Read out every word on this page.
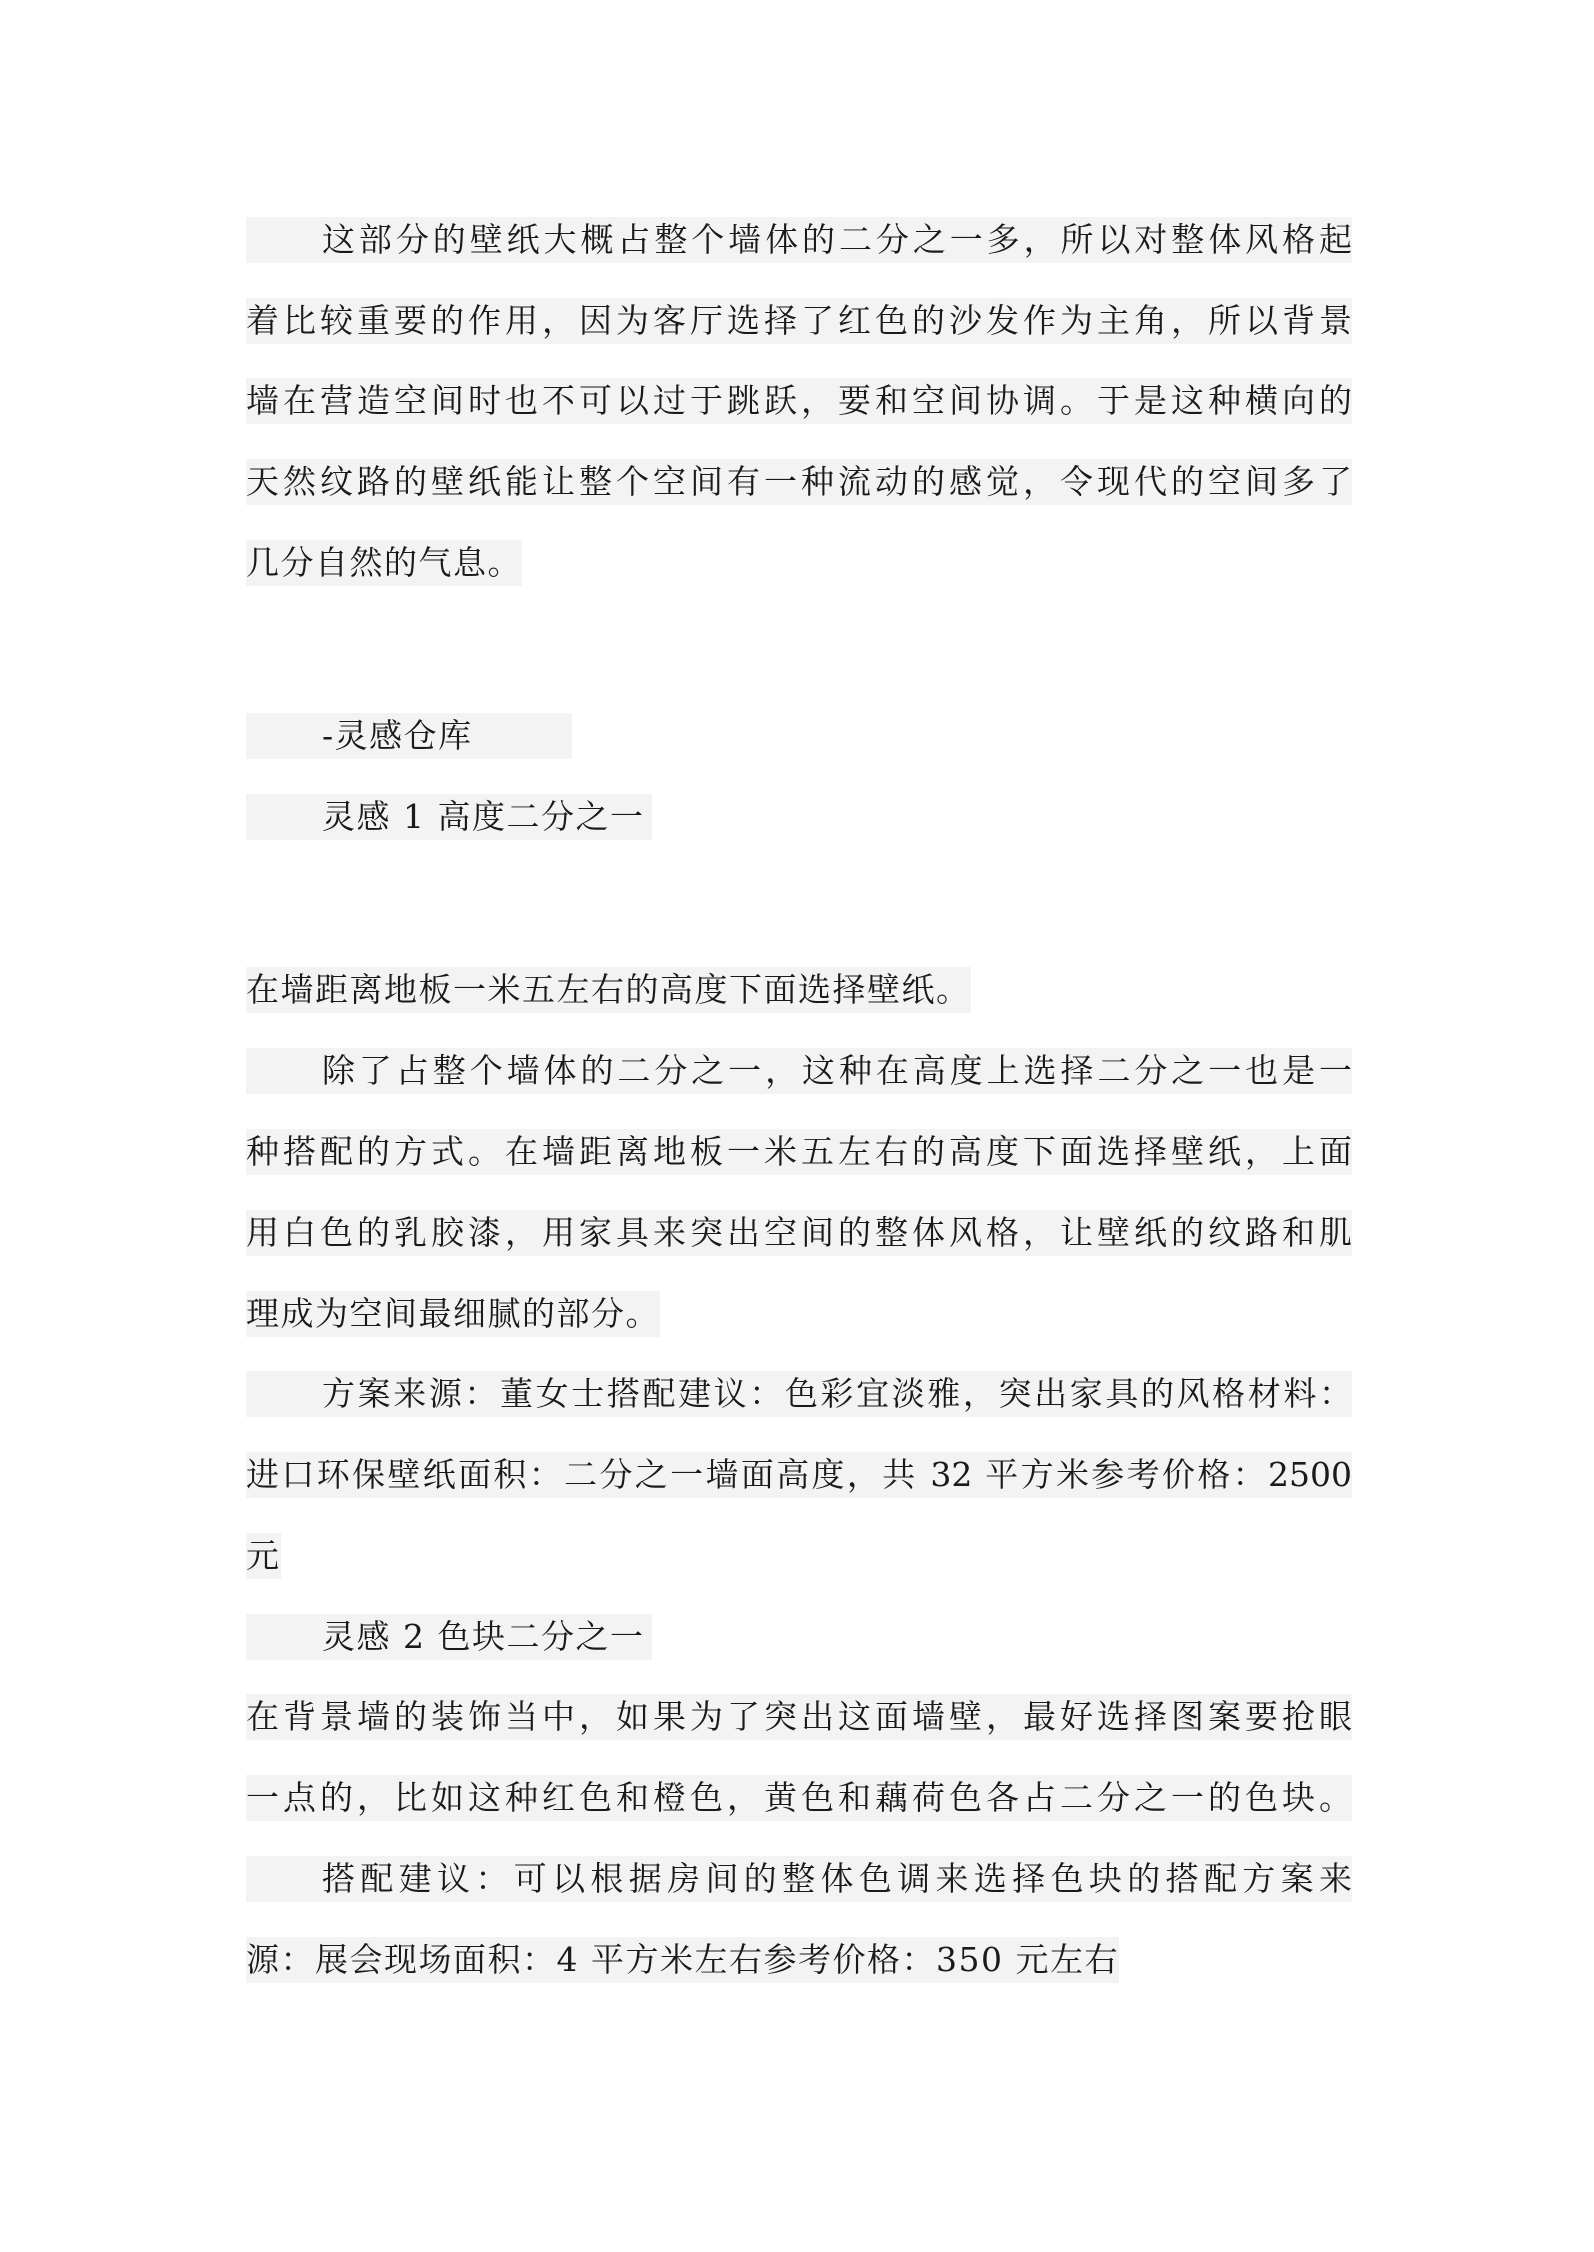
这部分的壁纸大概占整个墙体的二分之一多，所以对整体风格起
着比较重要的作用，因为客厅选择了红色的沙发作为主角，所以背景
墙在营造空间时也不可以过于跳跃，要和空间协调。于是这种横向的
天然纹路的壁纸能让整个空间有一种流动的感觉，令现代的空间多了
几分自然的气息。
-灵感仓库
灵感 1 高度二分之一
在墙距离地板一米五左右的高度下面选择壁纸。
除了占整个墙体的二分之一，这种在高度上选择二分之一也是一
种搭配的方式。在墙距离地板一米五左右的高度下面选择壁纸，上面
用白色的乳胶漆，用家具来突出空间的整体风格，让壁纸的纹路和肌
理成为空间最细腻的部分。
方案来源：董女士搭配建议：色彩宜淡雅，突出家具的风格材料：
进口环保壁纸面积：二分之一墙面高度，共 32 平方米参考价格：2500
元
灵感 2 色块二分之一
在背景墙的装饰当中，如果为了突出这面墙壁，最好选择图案要抢眼
一点的，比如这种红色和橙色，黄色和藕荷色各占二分之一的色块。
搭配建议：可以根据房间的整体色调来选择色块的搭配方案来
源：展会现场面积：4 平方米左右参考价格：350 元左右
